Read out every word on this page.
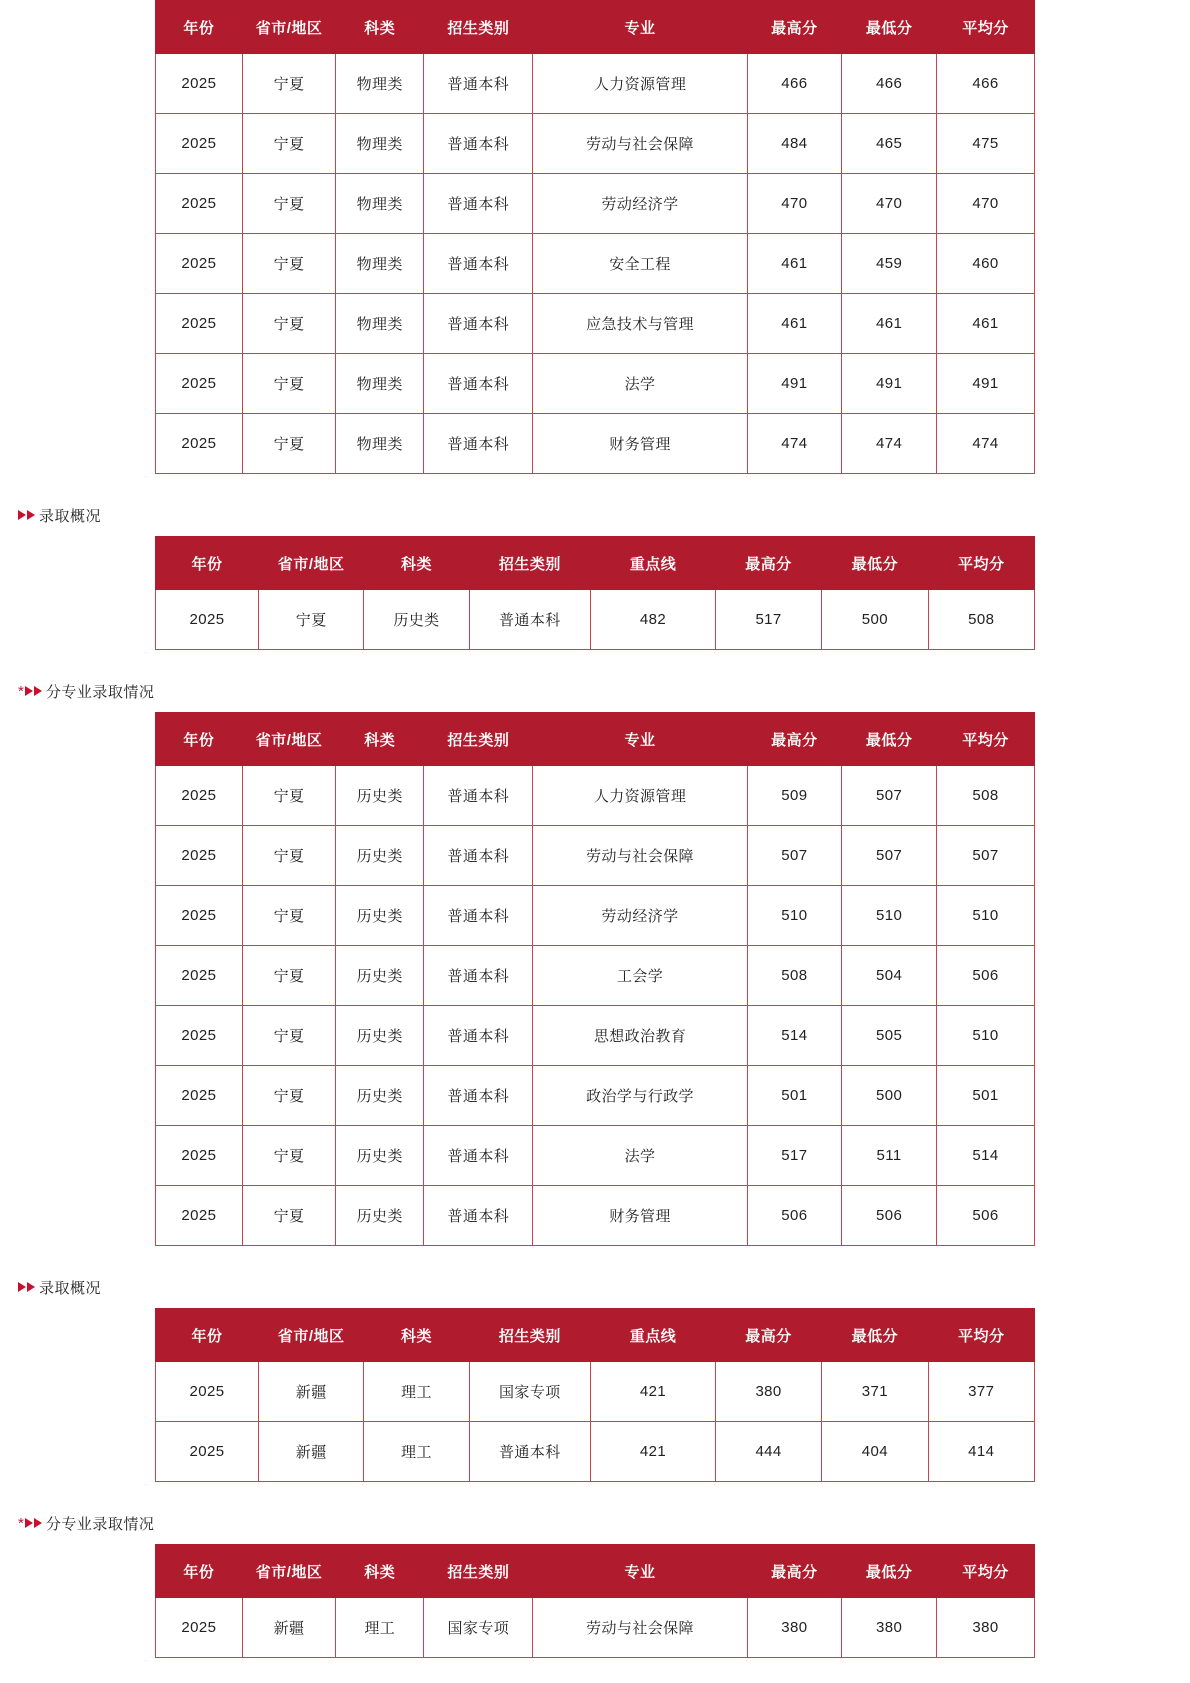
年份	省市/地区	科类	招生类别	专业	最高分	最低分	平均分
2025	宁夏	物理类	普通本科	人力资源管理	466	466	466
2025	宁夏	物理类	普通本科	劳动与社会保障	484	465	475
2025	宁夏	物理类	普通本科	劳动经济学	470	470	470
2025	宁夏	物理类	普通本科	安全工程	461	459	460
2025	宁夏	物理类	普通本科	应急技术与管理	461	461	461
2025	宁夏	物理类	普通本科	法学	491	491	491
2025	宁夏	物理类	普通本科	财务管理	474	474	474
录取概况
年份	省市/地区	科类	招生类别	重点线	最高分	最低分	平均分
2025	宁夏	历史类	普通本科	482	517	500	508
* 分专业录取情况
年份	省市/地区	科类	招生类别	专业	最高分	最低分	平均分
2025	宁夏	历史类	普通本科	人力资源管理	509	507	508
2025	宁夏	历史类	普通本科	劳动与社会保障	507	507	507
2025	宁夏	历史类	普通本科	劳动经济学	510	510	510
2025	宁夏	历史类	普通本科	工会学	508	504	506
2025	宁夏	历史类	普通本科	思想政治教育	514	505	510
2025	宁夏	历史类	普通本科	政治学与行政学	501	500	501
2025	宁夏	历史类	普通本科	法学	517	511	514
2025	宁夏	历史类	普通本科	财务管理	506	506	506
录取概况
年份	省市/地区	科类	招生类别	重点线	最高分	最低分	平均分
2025	新疆	理工	国家专项	421	380	371	377
2025	新疆	理工	普通本科	421	444	404	414
* 分专业录取情况
年份	省市/地区	科类	招生类别	专业	最高分	最低分	平均分
2025	新疆	理工	国家专项	劳动与社会保障	380	380	380
